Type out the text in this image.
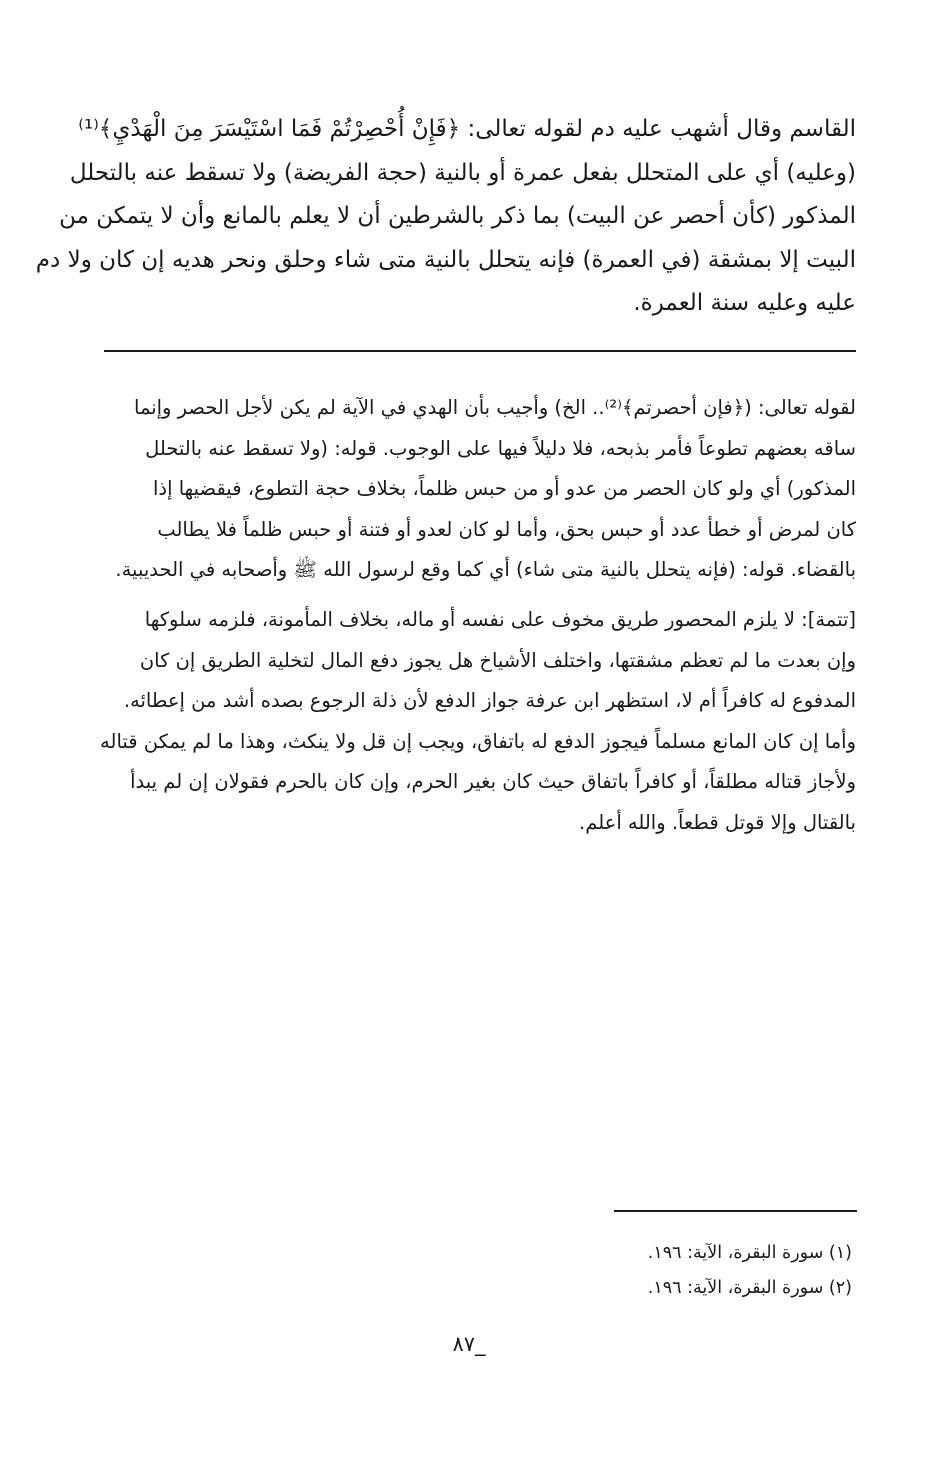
القاسم وقال أشهب عليه دم لقوله تعالى: ﴿فَإِنْ أُحْصِرْتُمْ فَمَا اسْتَيْسَرَ مِنَ الْهَدْيِ﴾⁽¹⁾
(وعليه) أي على المتحلل بفعل عمرة أو بالنية (حجة الفريضة) ولا تسقط عنه بالتحلل
المذكور (كأن أحصر عن البيت) بما ذكر بالشرطين أن لا يعلم بالمانع وأن لا يتمكن من
البيت إلا بمشقة (في العمرة) فإنه يتحلل بالنية متى شاء وحلق ونحر هديه إن كان ولا دم
عليه وعليه سنة العمرة.
لقوله تعالى: (﴿فإن أحصرتم﴾⁽²⁾.. الخ) وأجيب بأن الهدي في الآية لم يكن لأجل الحصر وإنما
ساقه بعضهم تطوعاً فأمر بذبحه، فلا دليلاً فيها على الوجوب. قوله: (ولا تسقط عنه بالتحلل
المذكور) أي ولو كان الحصر من عدو أو من حبس ظلماً، بخلاف حجة التطوع، فيقضيها إذا
كان لمرض أو خطأ عدد أو حبس بحق، وأما لو كان لعدو أو فتنة أو حبس ظلماً فلا يطالب
بالقضاء. قوله: (فإنه يتحلل بالنية متى شاء) أي كما وقع لرسول الله ﷺ وأصحابه في الحديبية.
[تتمة]: لا يلزم المحصور طريق مخوف على نفسه أو ماله، بخلاف المأمونة، فلزمه سلوكها
وإن بعدت ما لم تعظم مشقتها، واختلف الأشياخ هل يجوز دفع المال لتخلية الطريق إن كان
المدفوع له كافراً أم لا، استظهر ابن عرفة جواز الدفع لأن ذلة الرجوع بصده أشد من إعطائه.
وأما إن كان المانع مسلماً فيجوز الدفع له باتفاق، ويجب إن قل ولا ينكث، وهذا ما لم يمكن قتاله
ولأجاز قتاله مطلقاً، أو كافراً باتفاق حيث كان بغير الحرم، وإن كان بالحرم فقولان إن لم يبدأ
بالقتال وإلا قوتل قطعاً. والله أعلم.
(١) سورة البقرة، الآية: ١٩٦.
(٢) سورة البقرة، الآية: ١٩٦.
_٨٧
